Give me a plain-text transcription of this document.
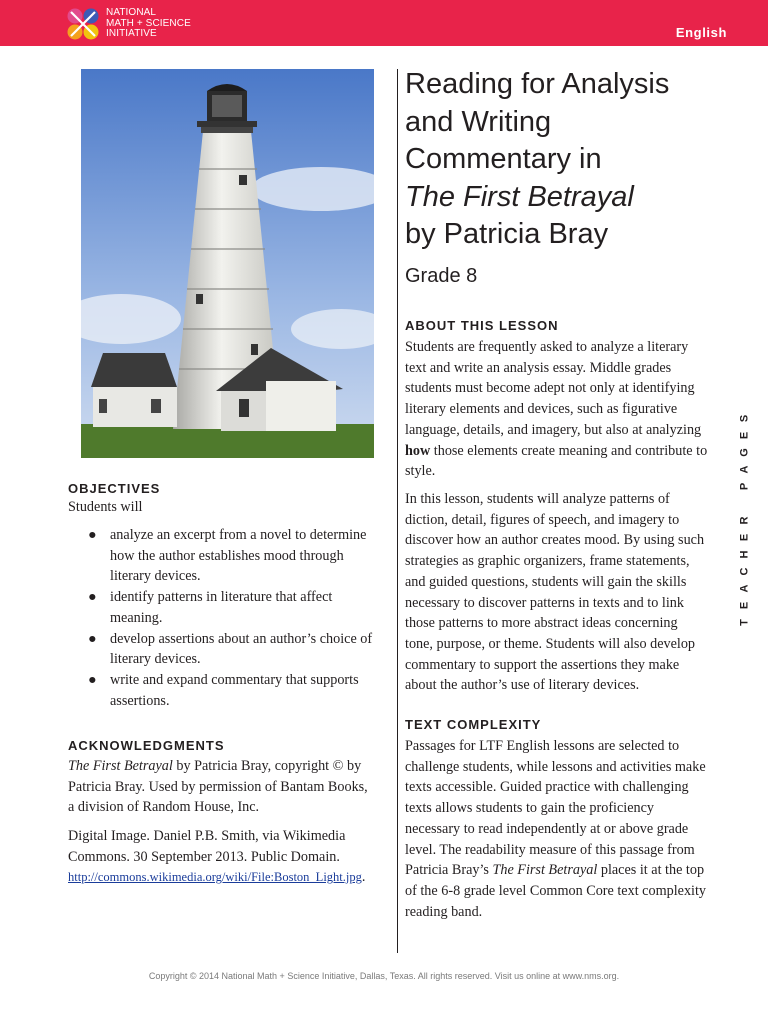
NATIONAL
MATH + SCIENCE
INITIATIVE	English
Reading for Analysis
and Writing
Commentary in
The First Betrayal
by Patricia Bray
Grade 8
ABOUT THIS LESSON
Students are frequently asked to analyze a literary
text and write an analysis essay. Middle grades
students must become adept not only at identifying
literary elements and devices, such as figurative
language, details, and imagery, but also at analyzing
how those elements create meaning and contribute to
style.
In this lesson, students will analyze patterns of
diction, detail, figures of speech, and imagery to
discover how an author creates mood. By using such
strategies as graphic organizers, frame statements,
and guided questions, students will gain the skills
necessary to discover patterns in texts and to link
those patterns to more abstract ideas concerning
tone, purpose, or theme. Students will also develop
commentary to support the assertions they make
about the author’s use of literary devices.
TEXT COMPLEXITY
Passages for LTF English lessons are selected to
challenge students, while lessons and activities make
texts accessible. Guided practice with challenging
texts allows students to gain the proficiency
necessary to read independently at or above grade
level. The readability measure of this passage from
Patricia Bray’s The First Betrayal places it at the top
of the 6-8 grade level Common Core text complexity
reading band.
OBJECTIVES
Students will
● analyze an excerpt from a novel to determine
how the author establishes mood through
literary devices.
● identify patterns in literature that affect
meaning.
● develop assertions about an author’s choice of
literary devices.
● write and expand commentary that supports
assertions.
ACKNOWLEDGMENTS
The First Betrayal by Patricia Bray, copyright © by
Patricia Bray. Used by permission of Bantam Books,
a division of Random House, Inc.
Digital Image. Daniel P.B. Smith, via Wikimedia
Commons. 30 September 2013. Public Domain.
http://commons.wikimedia.org/wiki/File:Boston_Light.jpg.
S
E
G
A
P

R
E
H
C
A
E
T
Copyright © 2014 National Math + Science Initiative, Dallas, Texas. All rights reserved. Visit us online at www.nms.org.
